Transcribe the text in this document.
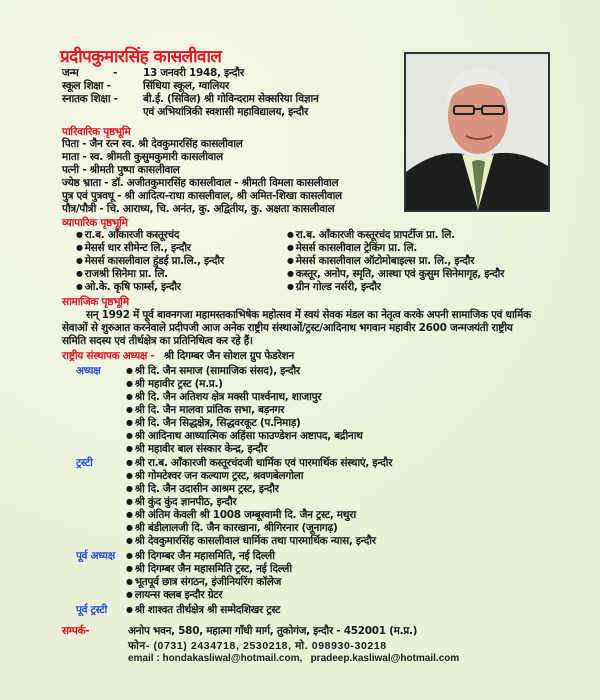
प्रदीपकुमारसिंह कासलीवाल
जन्म	- 13 जनवरी 1948, इन्दौर
स्कूल शिक्षा -	सिंधिया स्कूल, ग्वालियर
स्नातक शिक्षा - बी.ई. (सिविल) श्री गोविन्दराम सेक्सरिया विज्ञान
एवं अभियांत्रिकी स्वशासी महाविद्यालय, इन्दौर
पारिवारिक पृष्ठभूमि
पिता - जैन रत्न स्व. श्री देवकुमारसिंह कासलीवाल
माता - स्व. श्रीमती कुसुमकुमारी कासलीवाल
पत्नी - श्रीमती पुष्पा कासलीवाल
ज्येष्ठ भ्राता - डॉ. अजीतकुमारसिंह कासलीवाल - श्रीमती विमला कासलीवाल
पुत्र एवं पुत्रवधू - श्री आदित्य-राधा कासलीवाल, श्री अमित-शिखा कासलीवाल
पौत्र/पौत्री - चि. आराध्य, चि. अनंत, कु. अद्वितीय, कु. अक्षता कासलीवाल
व्यापारिक पृष्ठभूमि
● रा.ब. ऑंकारजी कस्तूरचंद
● मेसर्स धार सीमेन्ट लि., इन्दौर
● मेसर्स कासलीवाल हुंडई प्रा.लि., इन्दौर
● राजश्री सिनेमा प्रा. लि.
● ओ.के. कृषि फार्म्स, इन्दौर
● रा.ब. ऑंकारजी कस्तूरचंद प्रापर्टीज प्रा. लि.
● मेसर्स कासलीवाल ट्रेकिंग प्रा. लि.
● मेसर्स कासलीवाल ऑटोमोबाइल्स प्रा. लि., इन्दौर
● कस्तूर, अनोप, स्मृति, आस्था एवं कुसुम सिनेमागृह, इन्दौर
● ग्रीन गोल्ड नर्सरी, इन्दौर
सामाजिक पृष्ठभूमि
सन् 1992 में पूर्व बावनगजा महामस्तकाभिषेक महोत्सव में स्वयं सेवक मंडल का नेतृत्व करके अपनी सामाजिक एवं धार्मिक
सेवाओं से शुरुआत करनेवाले प्रदीपजी आज अनेक राष्ट्रीय संस्थाओं/ट्रस्ट/आदिनाथ भगवान महावीर 2600 जन्मजयंती राष्ट्रीय
समिति सदस्य एवं तीर्थक्षेत्र का प्रतिनिधित्व कर रहे हैं।
राष्ट्रीय संस्थापक अध्यक्ष - श्री दिगम्बर जैन सोशल ग्रुप फेडरेशन
अध्यक्ष	● श्री दि. जैन समाज (सामाजिक संसद), इन्दौर
● श्री महावीर ट्रस्ट (म.प्र.)
● श्री दि. जैन अतिशय क्षेत्र मक्सी पार्श्वनाथ, शाजापुर
● श्री दि. जैन मालवा प्रांतिक सभा, बड़नगर
● श्री दि. जैन सिद्धक्षेत्र, सिद्धवरकूट (प.निमाड़)
● श्री आदिनाथ आध्यात्मिक अहिंसा फाउण्डेशन अष्टापद, बद्रीनाथ
● श्री महावीर बाल संस्कार केन्द्र, इन्दौर
ट्रस्टी	● श्री रा.ब. ऑंकारजी कस्तूरचंदजी धार्मिक एवं पारमार्थिक संस्थाएं, इन्दौर
● श्री गोमटेश्वर जन कल्याण ट्रस्ट, श्रवणबेलगोला
● श्री दि. जैन उदासीन आश्रम ट्रस्ट, इन्दौर
● श्री कुंद कुंद ज्ञानपीठ, इन्दौर
● श्री अंतिम केवली श्री 1008 जम्बूस्वामी दि. जैन ट्रस्ट, मथुरा
● श्री बंडीलालजी दि. जैन कारखाना, श्रीगिरनार (जूनागढ़)
● श्री देवकुमारसिंह कासलीवाल धार्मिक तथा पारमार्थिक न्यास, इन्दौर
पूर्व अध्यक्ष	● श्री दिगम्बर जैन महासमिति, नई दिल्ली
● श्री दिगम्बर जैन महासमिति ट्रस्ट, नई दिल्ली
● भूतपूर्व छात्र संगठन, इंजीनियरिंग कॉलेज
● लायन्स क्लब इन्दौर ग्रेटर
पूर्व ट्रस्टी	● श्री शाश्वत तीर्थक्षेत्र श्री सम्मेदशिखर ट्रस्ट
सम्पर्क-	अनोप भवन, 580, महात्मा गाँधी मार्ग, तुकोगंज, इन्दौर - 452001 (म.प्र.)
फोन- (0731) 2434718, 2530218, मो. 098930-30218
email : hondakasliwal@hotmail.com,   pradeep.kasliwal@hotmail.com
